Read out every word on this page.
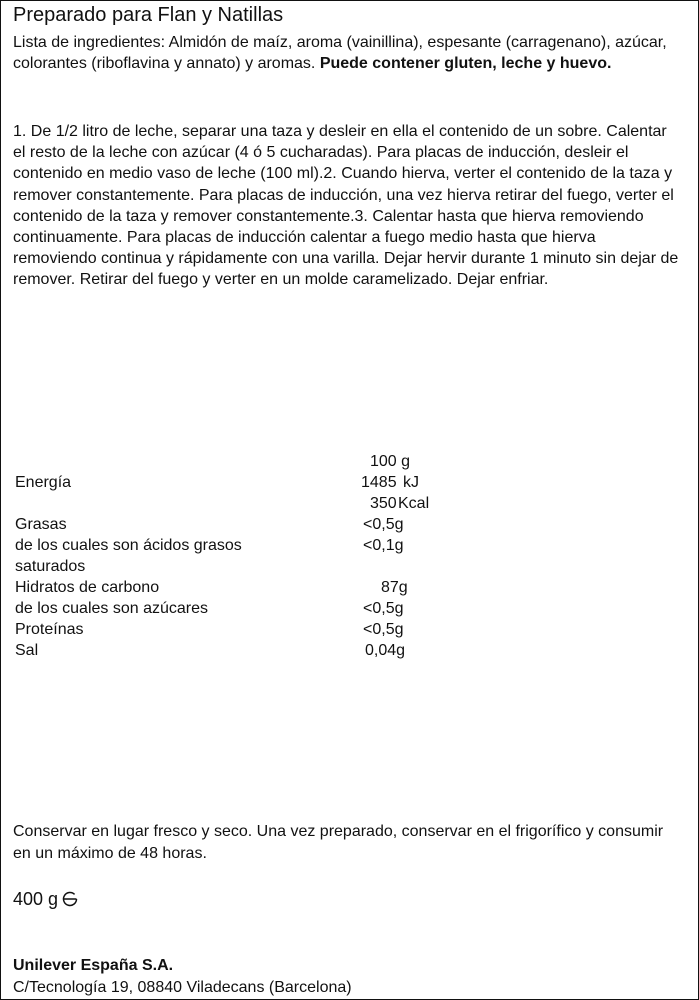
Preparado para Flan y Natillas
Lista de ingredientes: Almidón de maíz, aroma (vainillina), espesante (carragenano), azúcar, colorantes (riboflavina y annato) y aromas. Puede contener gluten, leche y huevo.
1. De 1/2 litro de leche, separar una taza y desleir en ella el contenido de un sobre. Calentar el resto de la leche con azúcar (4 ó 5 cucharadas). Para placas de inducción, desleir el contenido en medio vaso de leche (100 ml).2. Cuando hierva, verter el contenido de la taza y remover constantemente. Para placas de inducción, una vez hierva retirar del fuego, verter el contenido de la taza y remover constantemente.3. Calentar hasta que hierva removiendo continuamente. Para placas de inducción calentar a fuego medio hasta que hierva removiendo continua y rápidamente con una varilla. Dejar hervir durante 1 minuto sin dejar de remover. Retirar del fuego y verter en un molde caramelizado. Dejar enfriar.
100 g
Energía	1485 kJ
350 Kcal
Grasas	<0,5g
de los cuales son ácidos grasos	<0,1g
saturados
Hidratos de carbono	87g
de los cuales son azúcares	<0,5g
Proteínas	<0,5g
Sal	0,04g
Conservar en lugar fresco y seco. Una vez preparado, conservar en el frigorífico y consumir en un máximo de 48 horas.
400 g
Unilever España S.A.
C/Tecnología 19, 08840 Viladecans (Barcelona)
